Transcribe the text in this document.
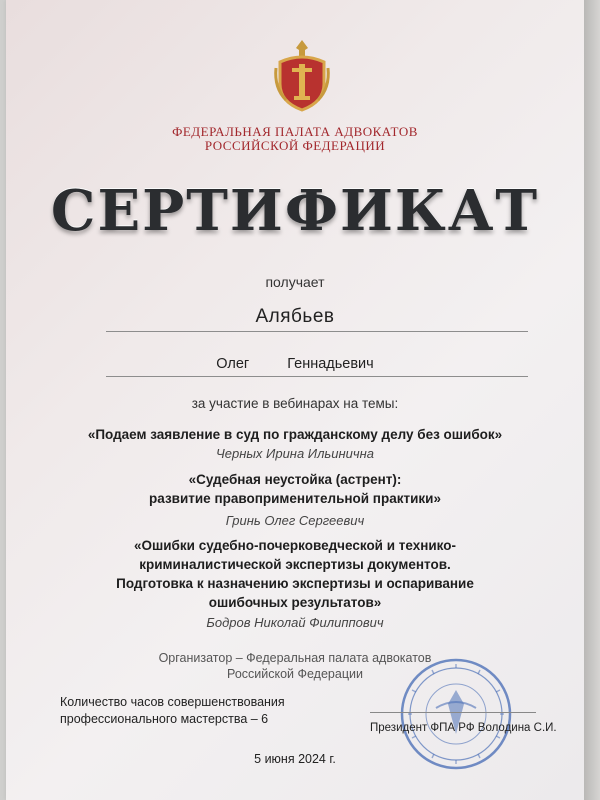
ФЕДЕРАЛЬНАЯ ПАЛАТА АДВОКАТОВ
РОССИЙСКОЙ ФЕДЕРАЦИИ
СЕРТИФИКАТ
получает
Алябьев
Олег	Геннадьевич
за участие в вебинарах на темы:
«Подаем заявление в суд по гражданскому делу без ошибок»
Черных Ирина Ильинична
«Судебная неустойка (астрент):
развитие правоприменительной практики»
Гринь Олег Сергеевич
«Ошибки судебно-почерковедческой и технико-
криминалистической экспертизы документов.
Подготовка к назначению экспертизы и оспаривание
ошибочных результатов»
Бодров Николай Филиппович
Организатор – Федеральная палата адвокатов
Российской Федерации
Количество часов совершенствования
профессионального мастерства – 6
Президент ФПА РФ Володина С.И.
5 июня 2024 г.
